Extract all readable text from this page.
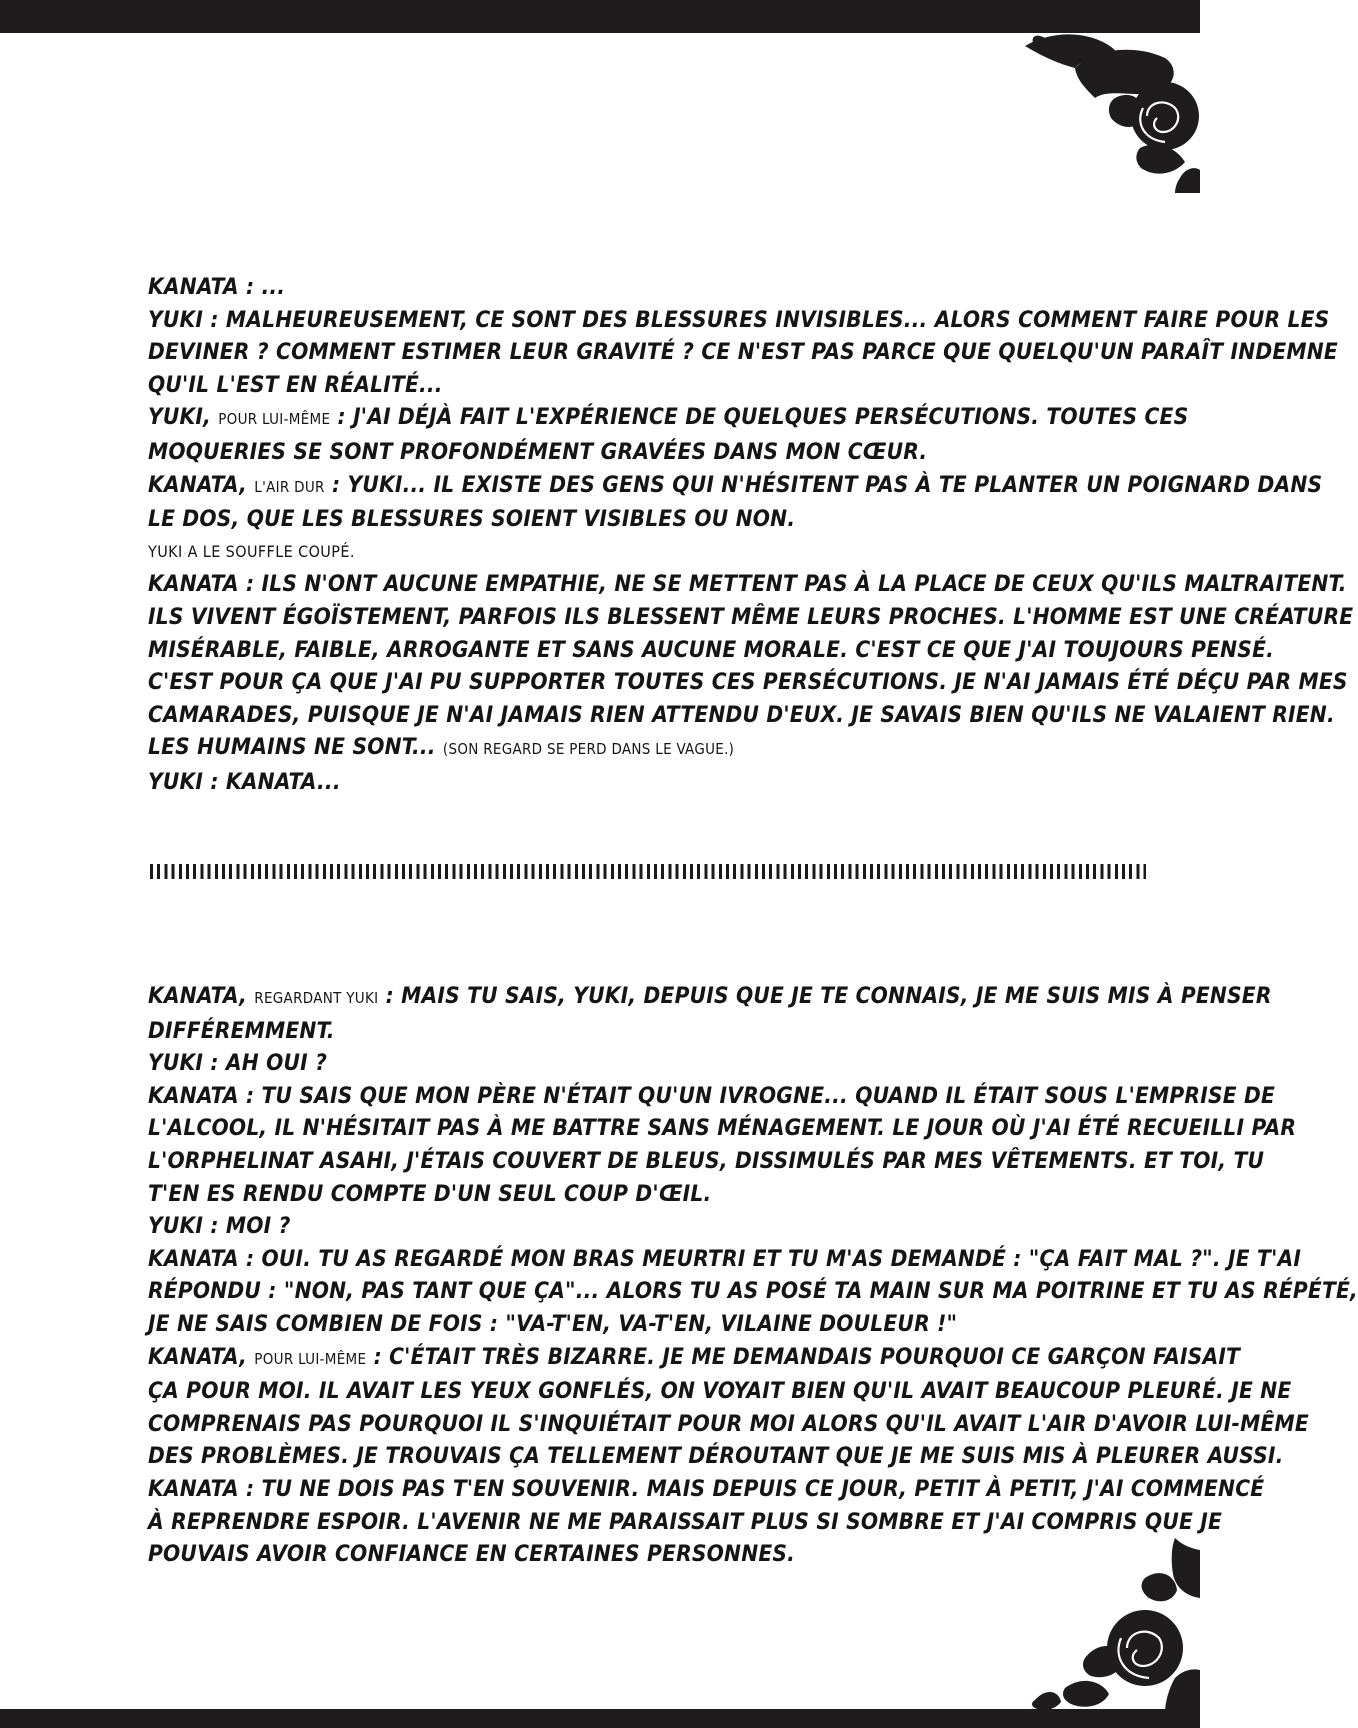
KANATA : ...
YUKI : MALHEUREUSEMENT, CE SONT DES BLESSURES INVISIBLES... ALORS COMMENT FAIRE POUR LES
DEVINER ? COMMENT ESTIMER LEUR GRAVITÉ ? CE N'EST PAS PARCE QUE QUELQU'UN PARAÎT INDEMNE
QU'IL L'EST EN RÉALITÉ...
YUKI, POUR LUI-MÊME : J'AI DÉJÀ FAIT L'EXPÉRIENCE DE QUELQUES PERSÉCUTIONS. TOUTES CES
MOQUERIES SE SONT PROFONDÉMENT GRAVÉES DANS MON CŒUR.
KANATA, L'AIR DUR : YUKI... IL EXISTE DES GENS QUI N'HÉSITENT PAS À TE PLANTER UN POIGNARD DANS
LE DOS, QUE LES BLESSURES SOIENT VISIBLES OU NON.
YUKI A LE SOUFFLE COUPÉ.
KANATA : ILS N'ONT AUCUNE EMPATHIE, NE SE METTENT PAS À LA PLACE DE CEUX QU'ILS MALTRAITENT.
ILS VIVENT ÉGOÏSTEMENT, PARFOIS ILS BLESSENT MÊME LEURS PROCHES. L'HOMME EST UNE CRÉATURE
MISÉRABLE, FAIBLE, ARROGANTE ET SANS AUCUNE MORALE. C'EST CE QUE J'AI TOUJOURS PENSÉ.
C'EST POUR ÇA QUE J'AI PU SUPPORTER TOUTES CES PERSÉCUTIONS. JE N'AI JAMAIS ÉTÉ DÉÇU PAR MES
CAMARADES, PUISQUE JE N'AI JAMAIS RIEN ATTENDU D'EUX. JE SAVAIS BIEN QU'ILS NE VALAIENT RIEN.
LES HUMAINS NE SONT... (SON REGARD SE PERD DANS LE VAGUE.)
YUKI : KANATA...
KANATA, REGARDANT YUKI : MAIS TU SAIS, YUKI, DEPUIS QUE JE TE CONNAIS, JE ME SUIS MIS À PENSER
DIFFÉREMMENT.
YUKI : AH OUI ?
KANATA : TU SAIS QUE MON PÈRE N'ÉTAIT QU'UN IVROGNE... QUAND IL ÉTAIT SOUS L'EMPRISE DE
L'ALCOOL, IL N'HÉSITAIT PAS À ME BATTRE SANS MÉNAGEMENT. LE JOUR OÙ J'AI ÉTÉ RECUEILLI PAR
L'ORPHELINAT ASAHI, J'ÉTAIS COUVERT DE BLEUS, DISSIMULÉS PAR MES VÊTEMENTS. ET TOI, TU
T'EN ES RENDU COMPTE D'UN SEUL COUP D'ŒIL.
YUKI : MOI ?
KANATA : OUI. TU AS REGARDÉ MON BRAS MEURTRI ET TU M'AS DEMANDÉ : "ÇA FAIT MAL ?". JE T'AI
RÉPONDU : "NON, PAS TANT QUE ÇA"... ALORS TU AS POSÉ TA MAIN SUR MA POITRINE ET TU AS RÉPÉTÉ,
JE NE SAIS COMBIEN DE FOIS : "VA-T'EN, VA-T'EN, VILAINE DOULEUR !"
KANATA, POUR LUI-MÊME : C'ÉTAIT TRÈS BIZARRE. JE ME DEMANDAIS POURQUOI CE GARÇON FAISAIT
ÇA POUR MOI. IL AVAIT LES YEUX GONFLÉS, ON VOYAIT BIEN QU'IL AVAIT BEAUCOUP PLEURÉ. JE NE
COMPRENAIS PAS POURQUOI IL S'INQUIÉTAIT POUR MOI ALORS QU'IL AVAIT L'AIR D'AVOIR LUI-MÊME
DES PROBLÈMES. JE TROUVAIS ÇA TELLEMENT DÉROUTANT QUE JE ME SUIS MIS À PLEURER AUSSI.
KANATA : TU NE DOIS PAS T'EN SOUVENIR. MAIS DEPUIS CE JOUR, PETIT À PETIT, J'AI COMMENCÉ
À REPRENDRE ESPOIR. L'AVENIR NE ME PARAISSAIT PLUS SI SOMBRE ET J'AI COMPRIS QUE JE
POUVAIS AVOIR CONFIANCE EN CERTAINES PERSONNES.
